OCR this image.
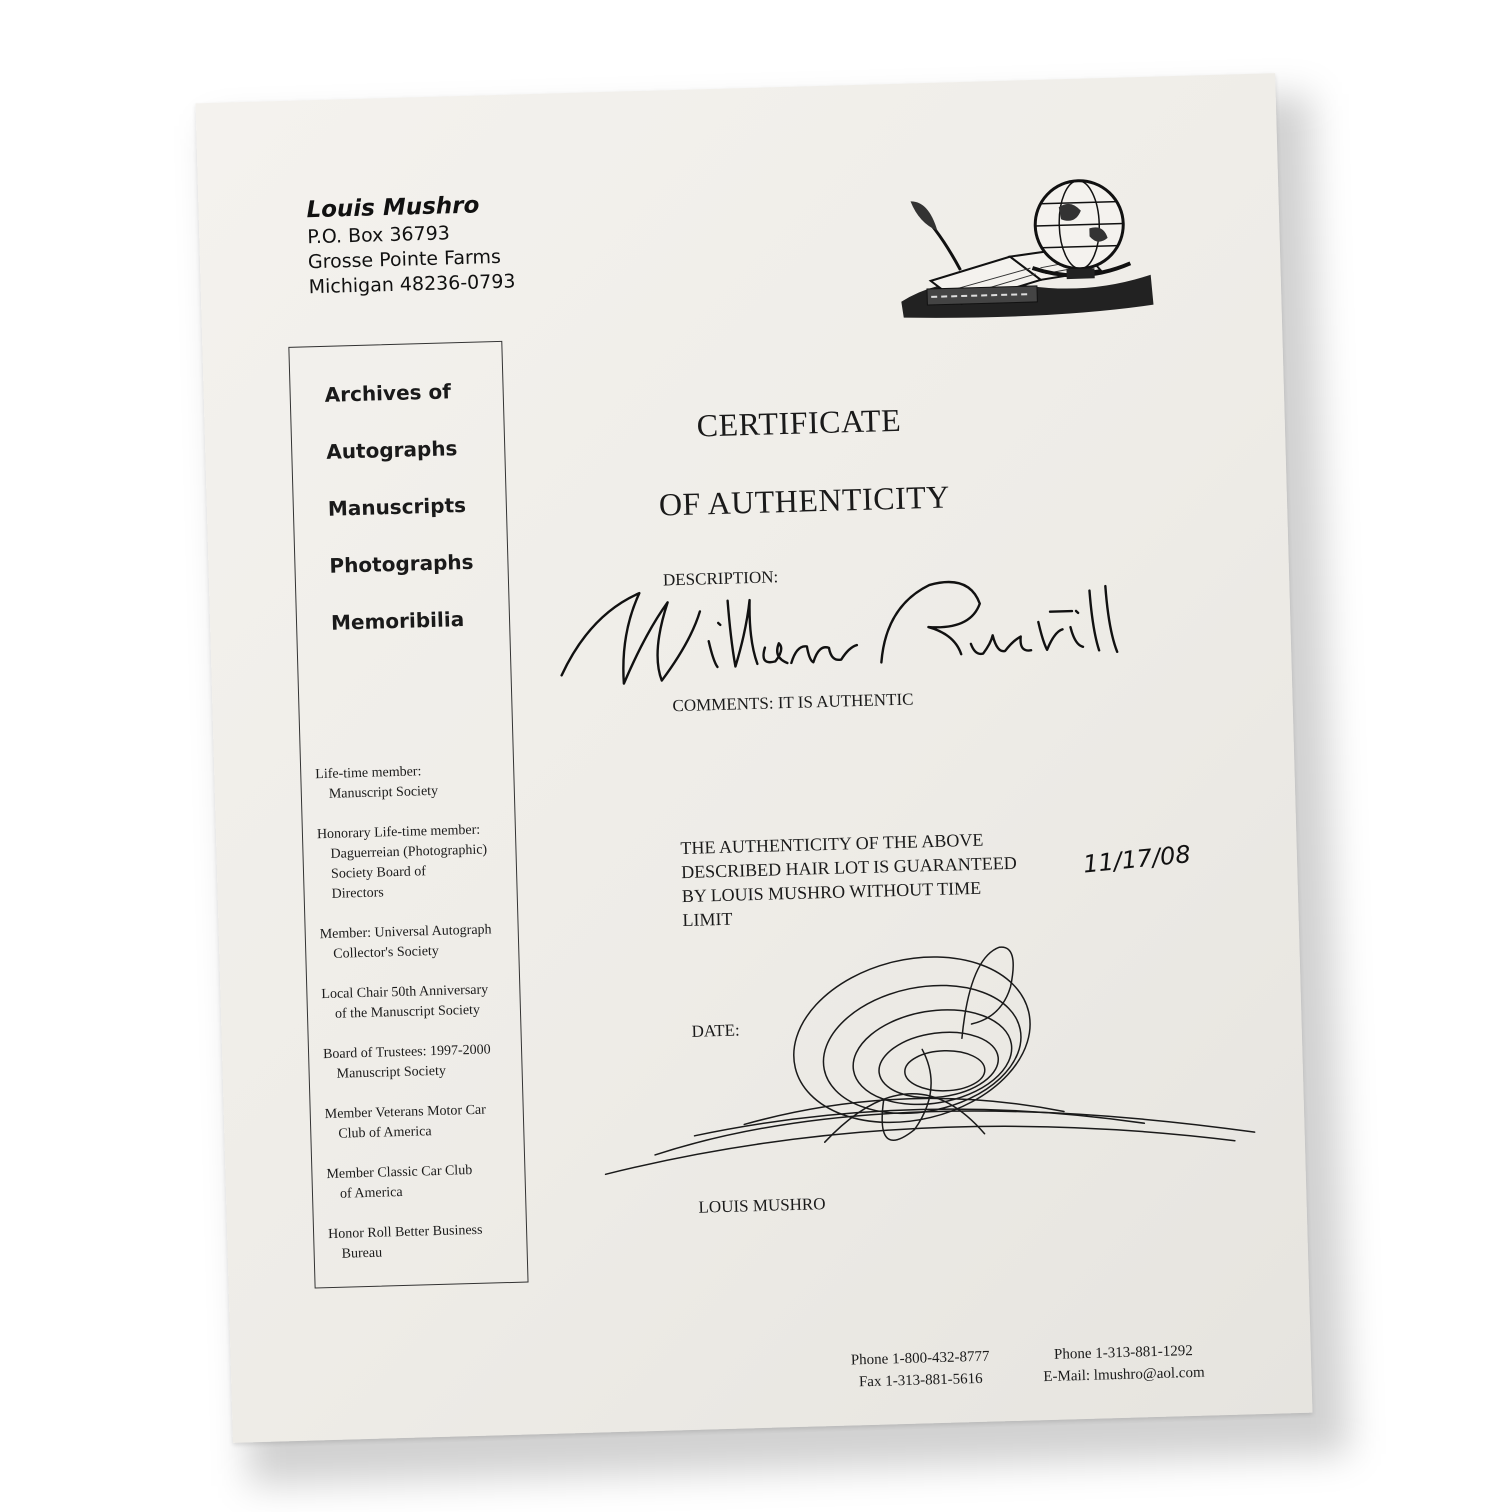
Louis Mushro
P.O. Box 36793
Grosse Pointe Farms
Michigan 48236-0793
Archives of
Autographs
Manuscripts
Photographs
Memoribilia
Life-time member:
Manuscript Society
Honorary Life-time member:
Daguerreian (Photographic)
Society Board of
Directors
Member: Universal Autograph
Collector's Society
Local Chair 50th Anniversary
of the Manuscript Society
Board of Trustees: 1997-2000
Manuscript Society
Member Veterans Motor Car
Club of America
Member Classic Car Club
of America
Honor Roll Better Business
Bureau
CERTIFICATE
OF AUTHENTICITY
DESCRIPTION:
COMMENTS: IT IS AUTHENTIC
THE AUTHENTICITY OF THE ABOVE
DESCRIBED HAIR LOT IS GUARANTEED
BY LOUIS MUSHRO WITHOUT TIME
LIMIT
11/17/08
DATE:
LOUIS MUSHRO
Phone 1-800-432-8777
Fax 1-313-881-5616
Phone 1-313-881-1292
E-Mail: lmushro@aol.com
